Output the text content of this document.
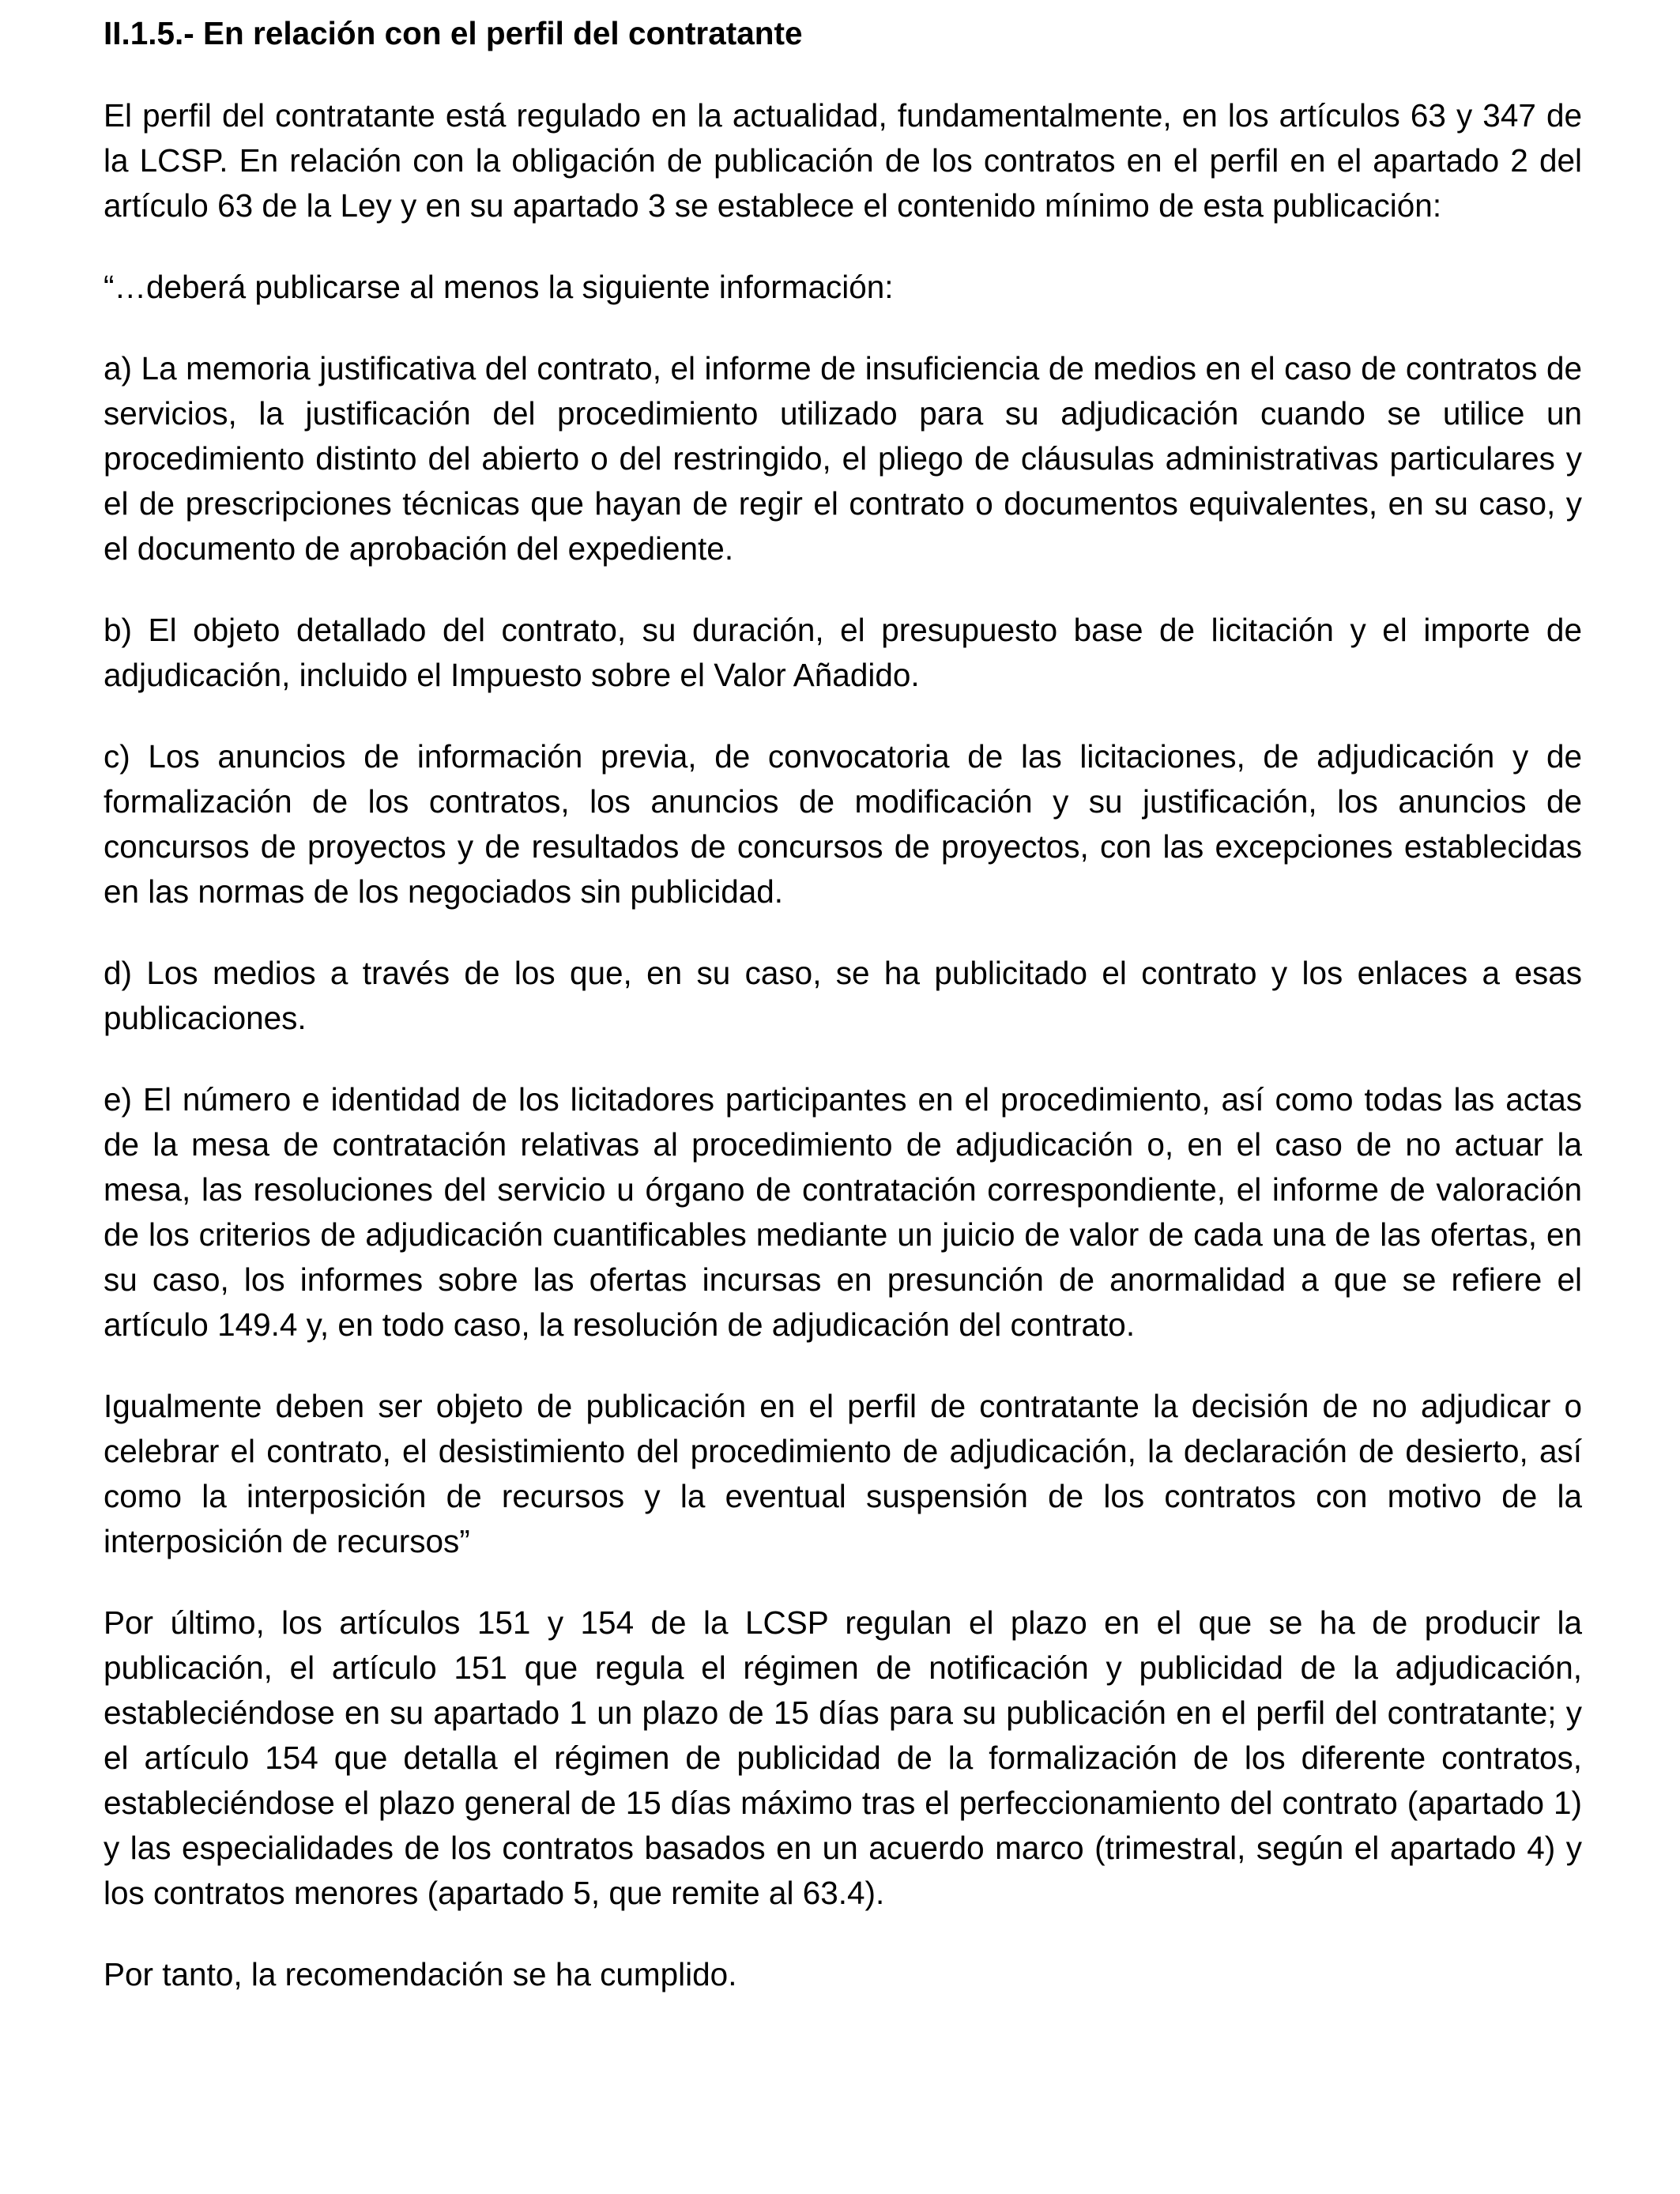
II.1.5.- En relación con el perfil del contratante

El perfil del contratante está regulado en la actualidad, fundamentalmente, en los artículos 63 y 347 de la LCSP. En relación con la obligación de publicación de los contratos en el perfil en el apartado 2 del artículo 63 de la Ley y en su apartado 3 se establece el contenido mínimo de esta publicación:

“…deberá publicarse al menos la siguiente información:

a) La memoria justificativa del contrato, el informe de insuficiencia de medios en el caso de contratos de servicios, la justificación del procedimiento utilizado para su adjudicación cuando se utilice un procedimiento distinto del abierto o del restringido, el pliego de cláusulas administrativas particulares y el de prescripciones técnicas que hayan de regir el contrato o documentos equivalentes, en su caso, y el documento de aprobación del expediente.

b) El objeto detallado del contrato, su duración, el presupuesto base de licitación y el importe de adjudicación, incluido el Impuesto sobre el Valor Añadido.

c) Los anuncios de información previa, de convocatoria de las licitaciones, de adjudicación y de formalización de los contratos, los anuncios de modificación y su justificación, los anuncios de concursos de proyectos y de resultados de concursos de proyectos, con las excepciones establecidas en las normas de los negociados sin publicidad.

d) Los medios a través de los que, en su caso, se ha publicitado el contrato y los enlaces a esas publicaciones.

e) El número e identidad de los licitadores participantes en el procedimiento, así como todas las actas de la mesa de contratación relativas al procedimiento de adjudicación o, en el caso de no actuar la mesa, las resoluciones del servicio u órgano de contratación correspondiente, el informe de valoración de los criterios de adjudicación cuantificables mediante un juicio de valor de cada una de las ofertas, en su caso, los informes sobre las ofertas incursas en presunción de anormalidad a que se refiere el artículo 149.4 y, en todo caso, la resolución de adjudicación del contrato.

Igualmente deben ser objeto de publicación en el perfil de contratante la decisión de no adjudicar o celebrar el contrato, el desistimiento del procedimiento de adjudicación, la declaración de desierto, así como la interposición de recursos y la eventual suspensión de los contratos con motivo de la interposición de recursos”

Por último, los artículos 151 y 154 de la LCSP regulan el plazo en el que se ha de producir la publicación, el artículo 151 que regula el régimen de notificación y publicidad de la adjudicación, estableciéndose en su apartado 1 un plazo de 15 días para su publicación en el perfil del contratante; y el artículo 154 que detalla el régimen de publicidad de la formalización de los diferente contratos, estableciéndose el plazo general de 15 días máximo tras el perfeccionamiento del contrato (apartado 1) y las especialidades de los contratos basados en un acuerdo marco (trimestral, según el apartado 4) y los contratos menores (apartado 5, que remite al 63.4).

Por tanto, la recomendación se ha cumplido.
